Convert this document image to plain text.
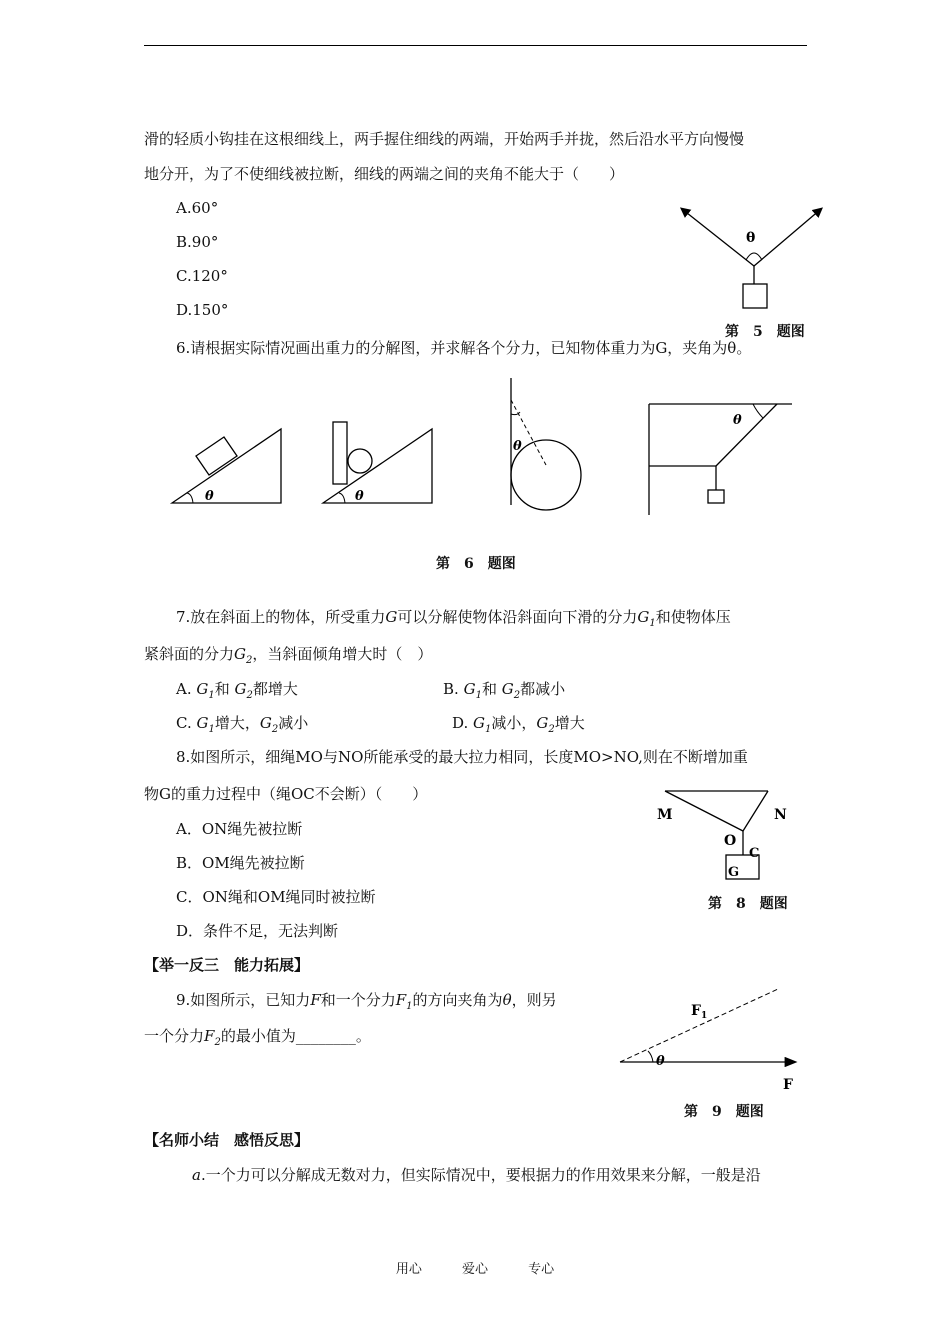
滑的轻质小钩挂在这根细线上，两手握住细线的两端，开始两手并拢，然后沿水平方向慢慢
地分开，为了不使细线被拉断，细线的两端之间的夹角不能大于（　　）
A.60°
B.90°
C.120°
D.150°
θ
第　5　题图
6.请根据实际情况画出重力的分解图，并求解各个分力，已知物体重力为G，夹角为θ。
θ	θ
θ
θ
第　6　题图
7.放在斜面上的物体，所受重力G可以分解使物体沿斜面向下滑的分力$G_1$和使物体压
紧斜面的分力$G_2$，当斜面倾角增大时（　）
A. $G_1$和 $G_2$都增大	B. $G_1$和 $G_2$都减小
C. $G_1$增大，$G_2$减小	D. $G_1$减小，$G_2$增大
8.如图所示，细绳MO与NO所能承受的最大拉力相同，长度MO>NO,则在不断增加重
物G的重力过程中（绳OC不会断）（　　）
A．ON绳先被拉断
B．OM绳先被拉断
C．ON绳和OM绳同时被拉断
D．条件不足，无法判断
M	N
O
C
G
第　8　题图
【举一反三　能力拓展】
9.如图所示，已知力F和一个分力$F_1$的方向夹角为θ，则另
一个分力$F_2$的最小值为________。
$F_1$
θ
F
第　9　题图
【名师小结　感悟反思】
a.一个力可以分解成无数对力，但实际情况中，要根据力的作用效果来分解，一般是沿
用心	爱心	专心
